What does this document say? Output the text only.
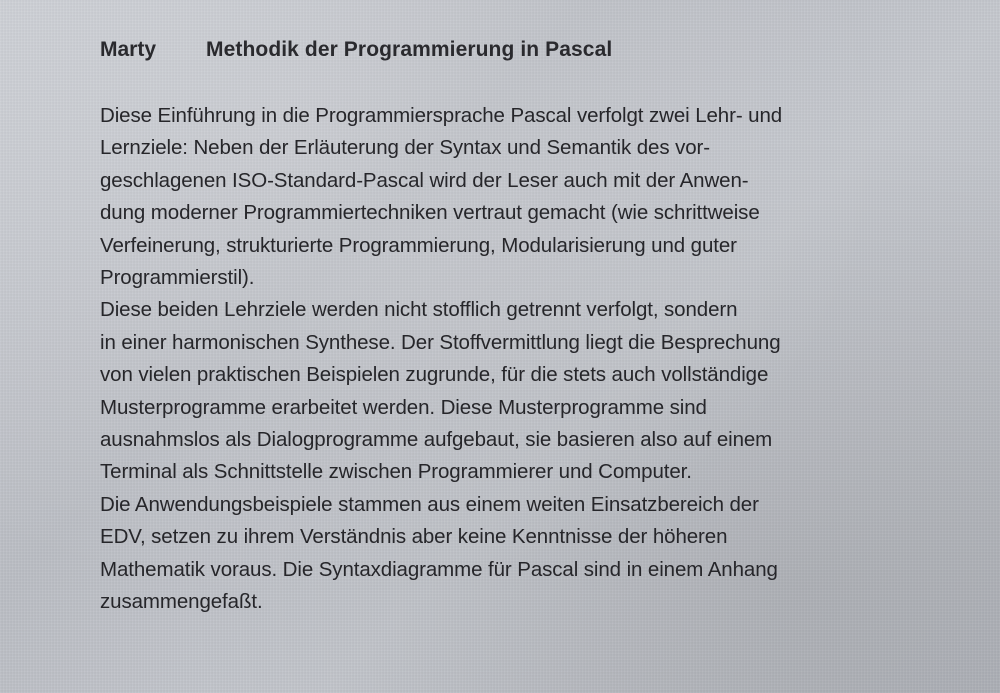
Marty	Methodik der Programmierung in Pascal
Diese Einführung in die Programmiersprache Pascal verfolgt zwei Lehr- und
Lernziele: Neben der Erläuterung der Syntax und Semantik des vor-
geschlagenen ISO-Standard-Pascal wird der Leser auch mit der Anwen-
dung moderner Programmiertechniken vertraut gemacht (wie schrittweise
Verfeinerung, strukturierte Programmierung, Modularisierung und guter
Programmierstil).
Diese beiden Lehrziele werden nicht stofflich getrennt verfolgt, sondern
in einer harmonischen Synthese. Der Stoffvermittlung liegt die Besprechung
von vielen praktischen Beispielen zugrunde, für die stets auch vollständige
Musterprogramme erarbeitet werden. Diese Musterprogramme sind
ausnahmslos als Dialogprogramme aufgebaut, sie basieren also auf einem
Terminal als Schnittstelle zwischen Programmierer und Computer.
Die Anwendungsbeispiele stammen aus einem weiten Einsatzbereich der
EDV, setzen zu ihrem Verständnis aber keine Kenntnisse der höheren
Mathematik voraus. Die Syntaxdiagramme für Pascal sind in einem Anhang
zusammengefaßt.
